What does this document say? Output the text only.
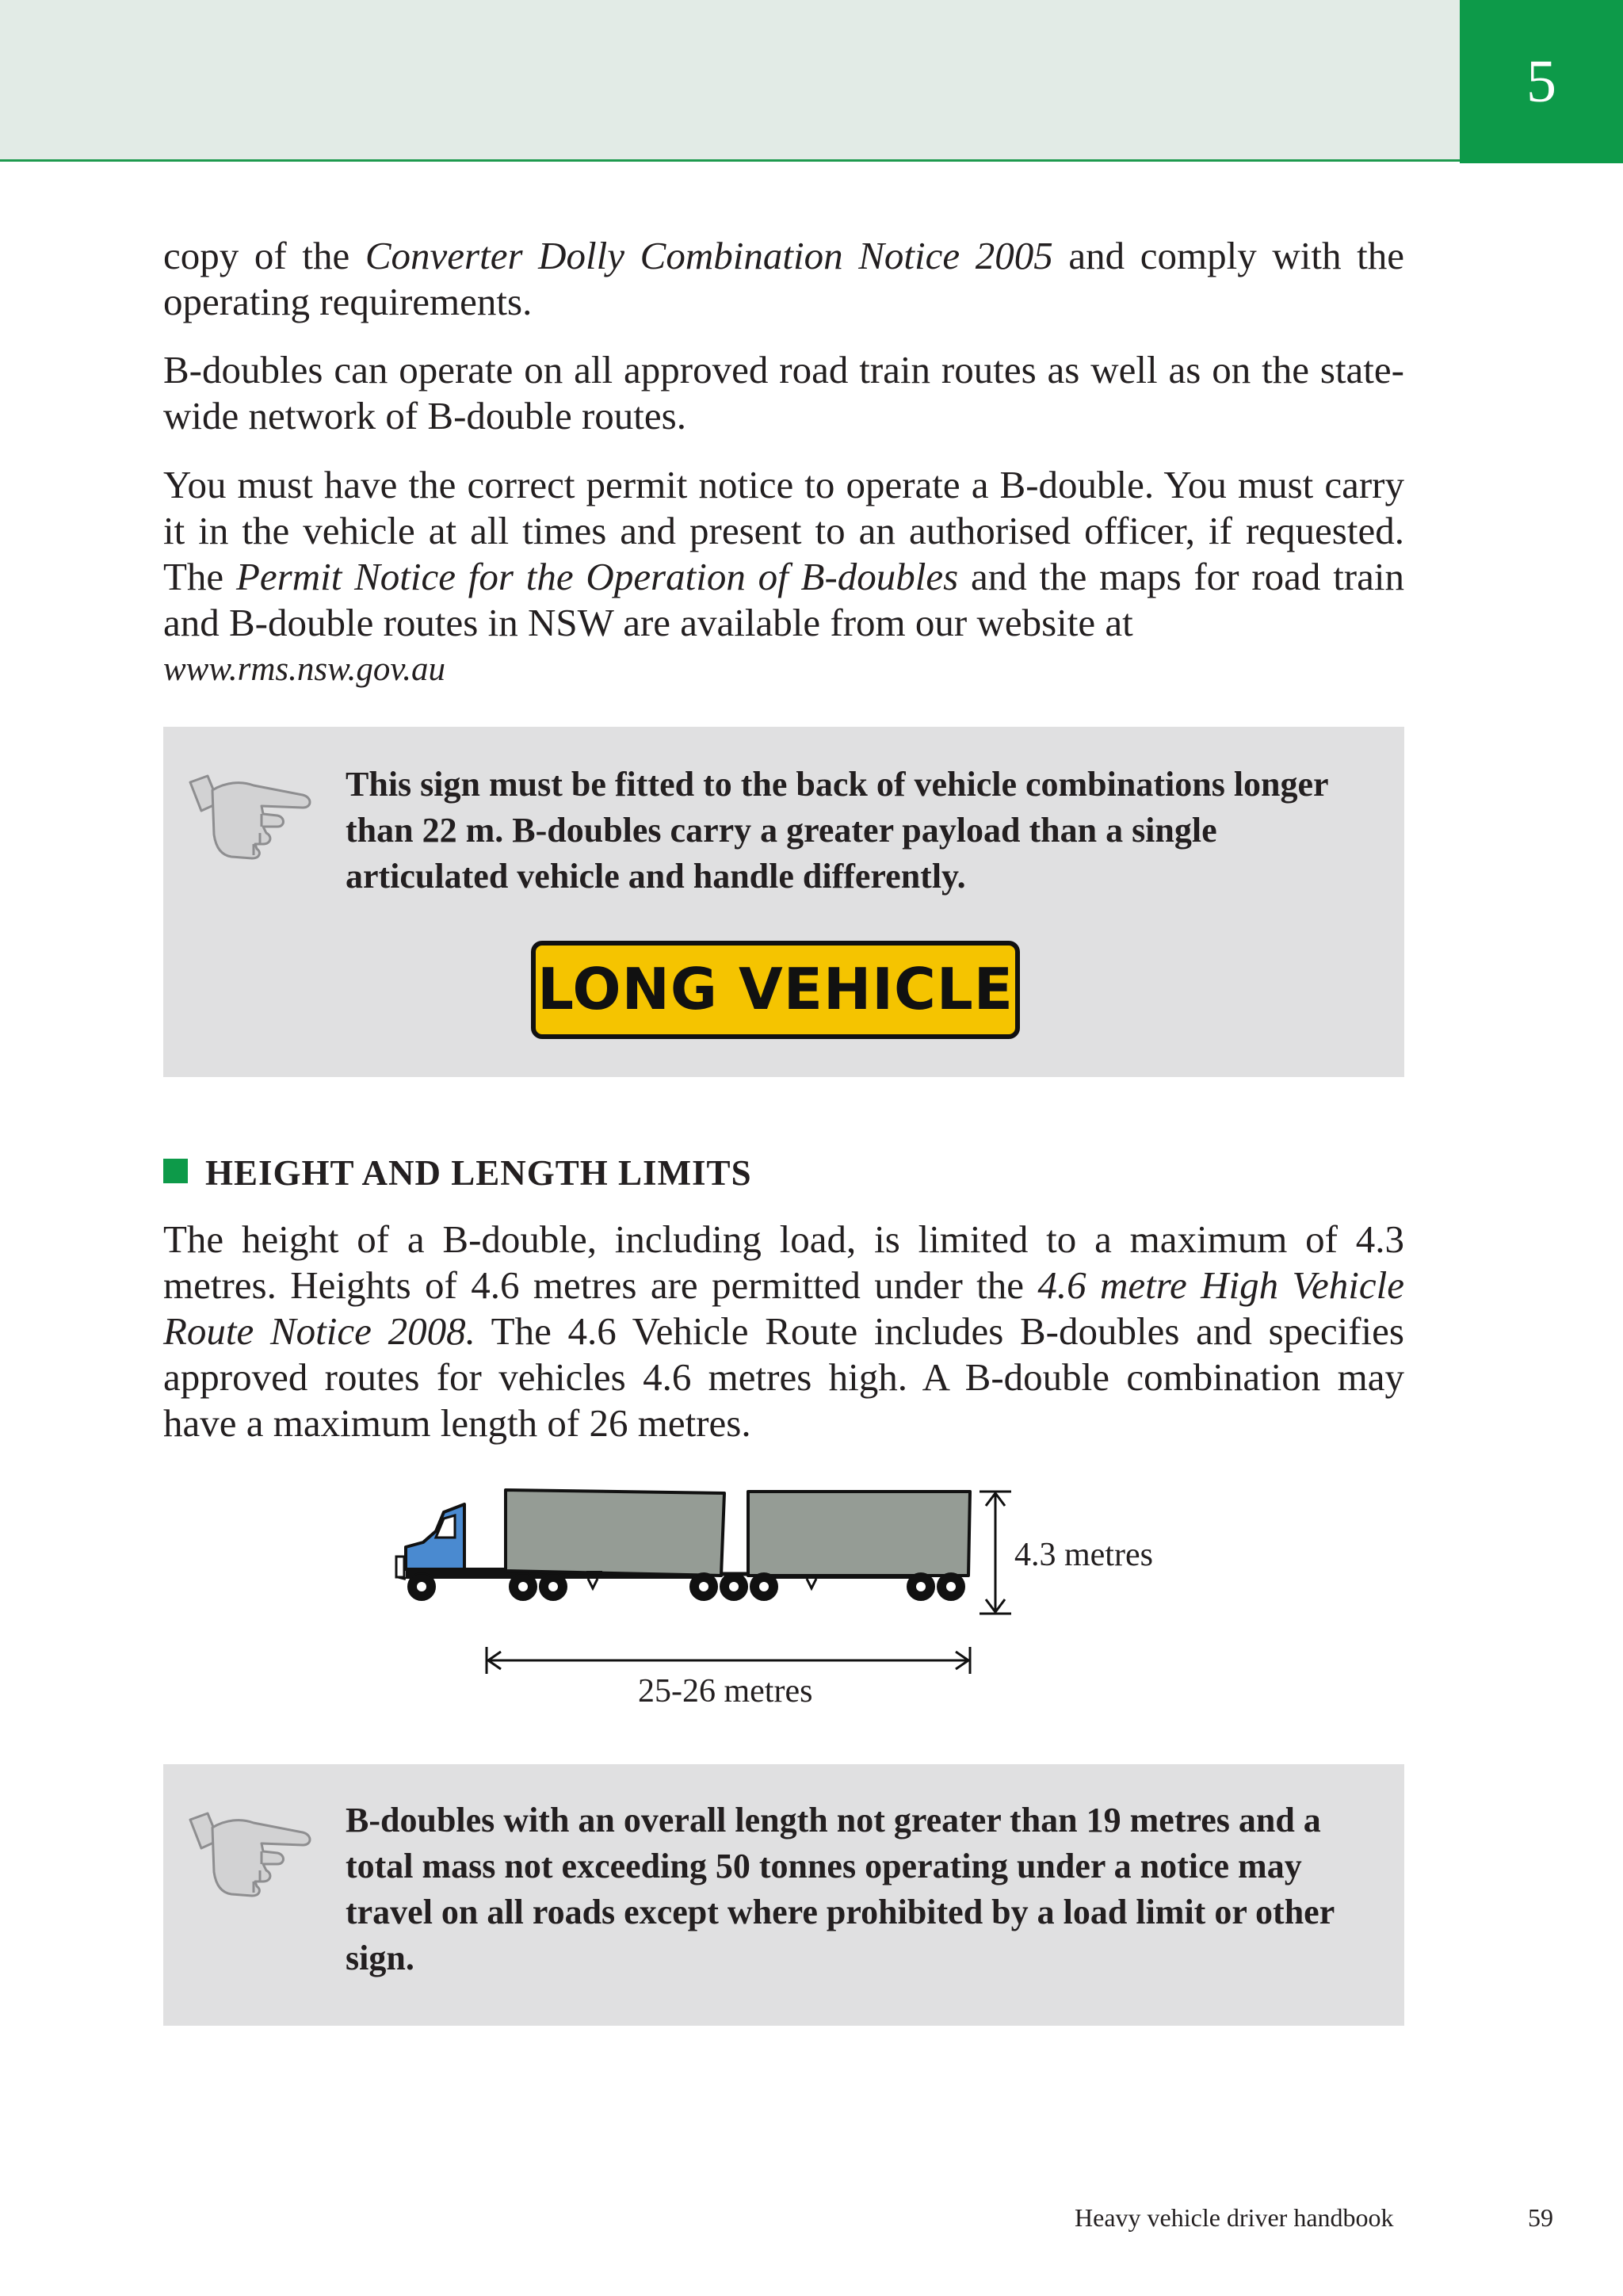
5

copy of the Converter Dolly Combination Notice 2005 and comply with the operating requirements.

B-doubles can operate on all approved road train routes as well as on the state-wide network of B-double routes.

You must have the correct permit notice to operate a B-double. You must carry it in the vehicle at all times and present to an authorised officer, if requested. The Permit Notice for the Operation of B-doubles and the maps for road train and B-double routes in NSW are available from our website at

www.rms.nsw.gov.au

This sign must be fitted to the back of vehicle combinations longer than 22 m. B-doubles carry a greater payload than a single articulated vehicle and handle differently.

LONG VEHICLE
HEIGHT AND LENGTH LIMITS

The height of a B-double, including load, is limited to a maximum of 4.3 metres. Heights of 4.6 metres are permitted under the 4.6 metre High Vehicle Route Notice 2008. The 4.6 Vehicle Route includes B-doubles and specifies approved routes for vehicles 4.6 metres high. A B-double combination may have a maximum length of 26 metres.

4.3 metres
25-26 metres

B-doubles with an overall length not greater than 19 metres and a total mass not exceeding 50 tonnes operating under a notice may travel on all roads except where prohibited by a load limit or other sign.

Heavy vehicle driver handbook	59
